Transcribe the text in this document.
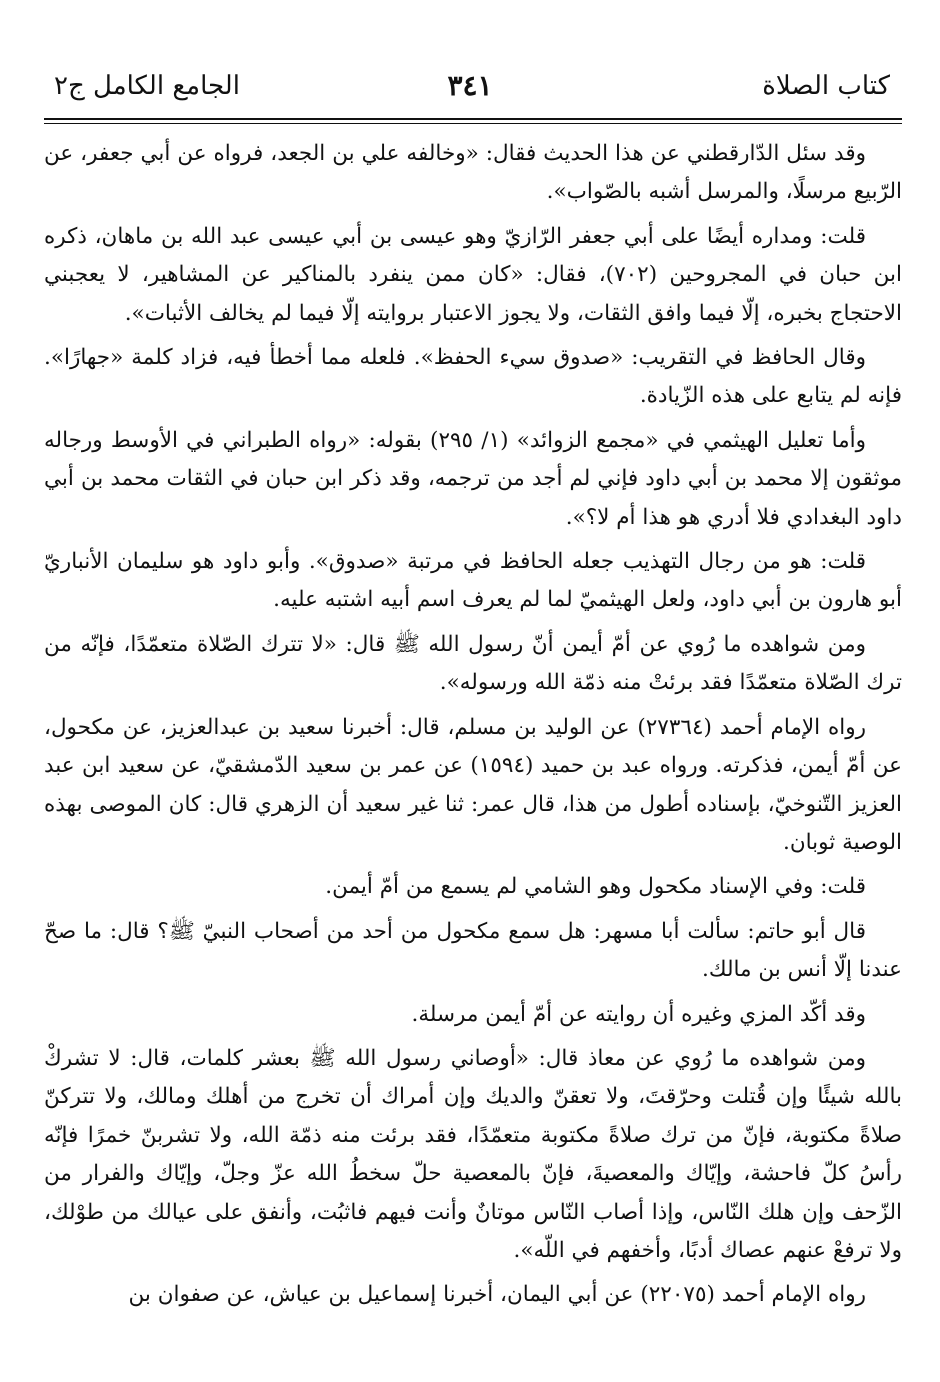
كتاب الصلاة
٣٤١
الجامع الكامل ج٢

وقد سئل الدّارقطني عن هذا الحديث فقال: «وخالفه علي بن الجعد، فرواه عن أبي جعفر، عن الرّبيع مرسلًا، والمرسل أشبه بالصّواب».

قلت: ومداره أيضًا على أبي جعفر الرّازيّ وهو عيسى بن أبي عيسى عبد الله بن ماهان، ذكره ابن حبان في المجروحين (٧٠٢)، فقال: «كان ممن ينفرد بالمناكير عن المشاهير، لا يعجبني الاحتجاج بخبره، إلّا فيما وافق الثقات، ولا يجوز الاعتبار بروايته إلّا فيما لم يخالف الأثبات».

وقال الحافظ في التقريب: «صدوق سيء الحفظ». فلعله مما أخطأ فيه، فزاد كلمة «جهارًا». فإنه لم يتابع على هذه الزّيادة.

وأما تعليل الهيثمي في «مجمع الزوائد» (١/ ٢٩٥) بقوله: «رواه الطبراني في الأوسط ورجاله موثقون إلا محمد بن أبي داود فإني لم أجد من ترجمه، وقد ذكر ابن حبان في الثقات محمد بن أبي داود البغدادي فلا أدري هو هذا أم لا؟».

قلت: هو من رجال التهذيب جعله الحافظ في مرتبة «صدوق». وأبو داود هو سليمان الأنباريّ أبو هارون بن أبي داود، ولعل الهيثميّ لما لم يعرف اسم أبيه اشتبه عليه.

ومن شواهده ما رُوي عن أمّ أيمن أنّ رسول الله ﷺ قال: «لا تترك الصّلاة متعمّدًا، فإنّه من ترك الصّلاة متعمّدًا فقد برئتْ منه ذمّة الله ورسوله».

رواه الإمام أحمد (٢٧٣٦٤) عن الوليد بن مسلم، قال: أخبرنا سعيد بن عبدالعزيز، عن مكحول، عن أمّ أيمن، فذكرته. ورواه عبد بن حميد (١٥٩٤) عن عمر بن سعيد الدّمشقيّ، عن سعيد ابن عبد العزيز التّنوخيّ، بإسناده أطول من هذا، قال عمر: ثنا غير سعيد أن الزهري قال: كان الموصى بهذه الوصية ثوبان.

قلت: وفي الإسناد مكحول وهو الشامي لم يسمع من أمّ أيمن.

قال أبو حاتم: سألت أبا مسهر: هل سمع مكحول من أحد من أصحاب النبيّ ﷺ؟ قال: ما صحّ عندنا إلّا أنس بن مالك.

وقد أكّد المزي وغيره أن روايته عن أمّ أيمن مرسلة.

ومن شواهده ما رُوي عن معاذ قال: «أوصاني رسول الله ﷺ بعشر كلمات، قال: لا تشركْ بالله شيئًا وإن قُتلت وحرّقتَ، ولا تعقنّ والديك وإن أمراك أن تخرج من أهلك ومالك، ولا تتركنّ صلاةً مكتوبة، فإنّ من ترك صلاةً مكتوبة متعمّدًا، فقد برئت منه ذمّة الله، ولا تشربنّ خمرًا فإنّه رأسُ كلّ فاحشة، وإيّاك والمعصيةَ، فإنّ بالمعصية حلّ سخطُ الله عزّ وجلّ، وإيّاك والفرار من الزّحف وإن هلك النّاس، وإذا أصاب النّاس موتانٌ وأنت فيهم فاثبُت، وأنفق على عيالك من طوْلك، ولا ترفعْ عنهم عصاك أدبًا، وأخفهم في اللّه».

رواه الإمام أحمد (٢٢٠٧٥) عن أبي اليمان، أخبرنا إسماعيل بن عياش، عن صفوان بن
